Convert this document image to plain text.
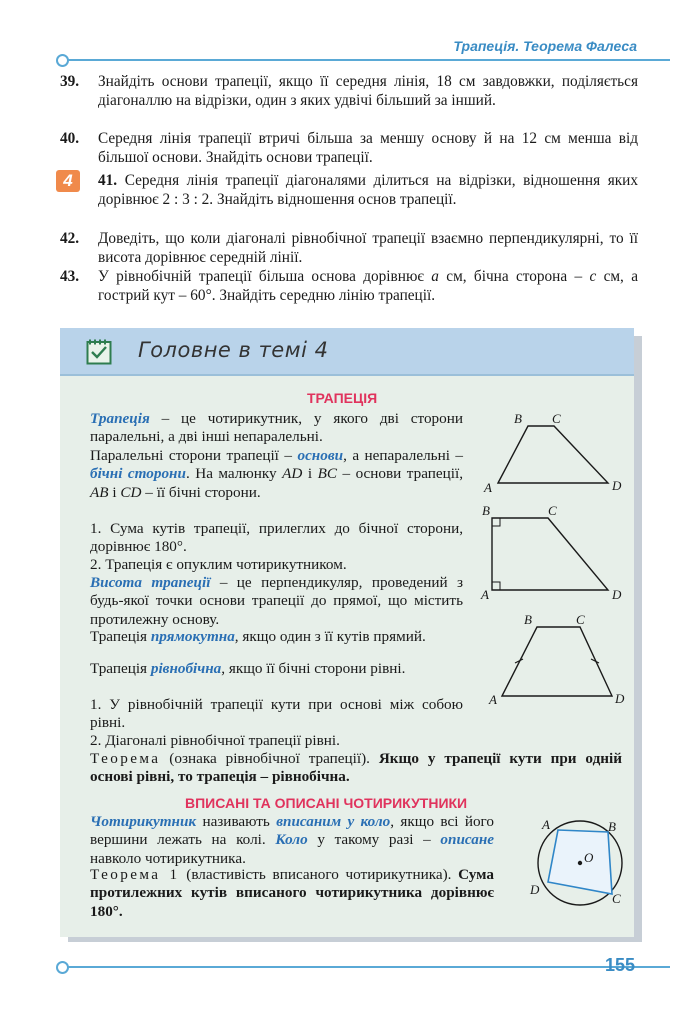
Трапеція. Теорема Фалеса
39. Знайдіть основи трапеції, якщо її середня лінія, 18 см завдовжки, поділяється діагоналлю на відрізки, один з яких удвічі більший за інший.
40. Середня лінія трапеції втричі більша за меншу основу й на 12 см менша від більшої основи. Знайдіть основи трапеції.
4	41. Середня лінія трапеції діагоналями ділиться на відрізки, відношення яких дорівнює 2 : 3 : 2. Знайдіть відношення основ трапеції.
42. Доведіть, що коли діагоналі рівнобічної трапеції взаємно перпендикулярні, то її висота дорівнює середній лінії.
43. У рівнобічній трапеції більша основа дорівнює a см, бічна сторона – c см, а гострий кут – 60°. Знайдіть середню лінію трапеції.
Головне в темі 4
ТРАПЕЦІЯ
Трапеція – це чотирикутник, у якого дві сторони паралельні, а дві інші непаралельні.
Паралельні сторони трапеції – основи, а непаралельні – бічні сторони. На малюнку AD і BC – основи трапеції, AB і CD – її бічні сторони.
1. Сума кутів трапеції, прилеглих до бічної сторони, дорівнює 180°.
2. Трапеція є опуклим чотирикутником.
Висота трапеції – це перпендикуляр, проведений з будь-якої точки основи трапеції до прямої, що містить протилежну основу.
Трапеція прямокутна, якщо один з її кутів прямий.
Трапеція рівнобічна, якщо її бічні сторони рівні.
1. У рівнобічній трапеції кути при основі між собою рівні.
2. Діагоналі рівнобічної трапеції рівні.
Теорема (ознака рівнобічної трапеції). Якщо у трапеції кути при одній основі рівні, то трапеція – рівнобічна.
A
B C
D
B	C
A	D
B	C
A	D
ВПИСАНІ ТА ОПИСАНІ ЧОТИРИКУТНИКИ
Чотирикутник називають вписаним у коло, якщо всі його вершини лежать на колі. Коло у такому разі – описане навколо чотирикутника.
Теорема 1 (властивість вписаного чотирикутника). Сума протилежних кутів вписаного чотирикутника дорівнює 180°.
A	B
C
D
O
155
